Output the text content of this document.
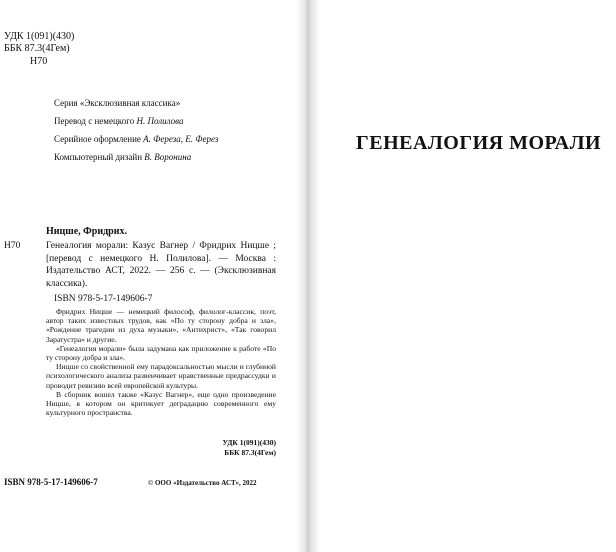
УДК 1(091)(430)
ББК 87.3(4Гем)
Н70
Серия «Эксклюзивная классика»
Перевод с немецкого Н. Полилова
Серийное оформление А. Фереза, Е. Ферез
Компьютерный дизайн В. Воронина
Ницше, Фридрих.
Н70	Генеалогия морали: Казус Вагнер / Фридрих Ницше ; [перевод с немецкого Н. Полилова]. — Москва : Издательство АСТ, 2022. — 256 с. — (Эксклюзивная классика).
ISBN 978-5-17-149606-7

Фридрих Ницше — немецкий философ, филолог-классик, поэт, автор таких известных трудов, как «По ту сторону добра и зла», «Рождение трагедии из духа музыки», «Антихрист», «Так говорил Заратустра» и другие.

«Генеалогия морали» была задумана как приложение к работе «По ту сторону добра и зла».

Ницше со свойственной ему парадоксальностью мысли и глубиной психологического анализа развенчивает нравственные предрассудки и проводит ревизию всей европейской культуры.

В сборник вошел также «Казус Вагнер», еще одно произведение Ницше, в котором он критикует деградацию современного ему культурного пространства.

УДК 1(091)(430)
ББК 87.3(4Гем)
ISBN 978-5-17-149606-7	© ООО «Издательство АСТ», 2022
ГЕНЕАЛОГИЯ МОРАЛИ
